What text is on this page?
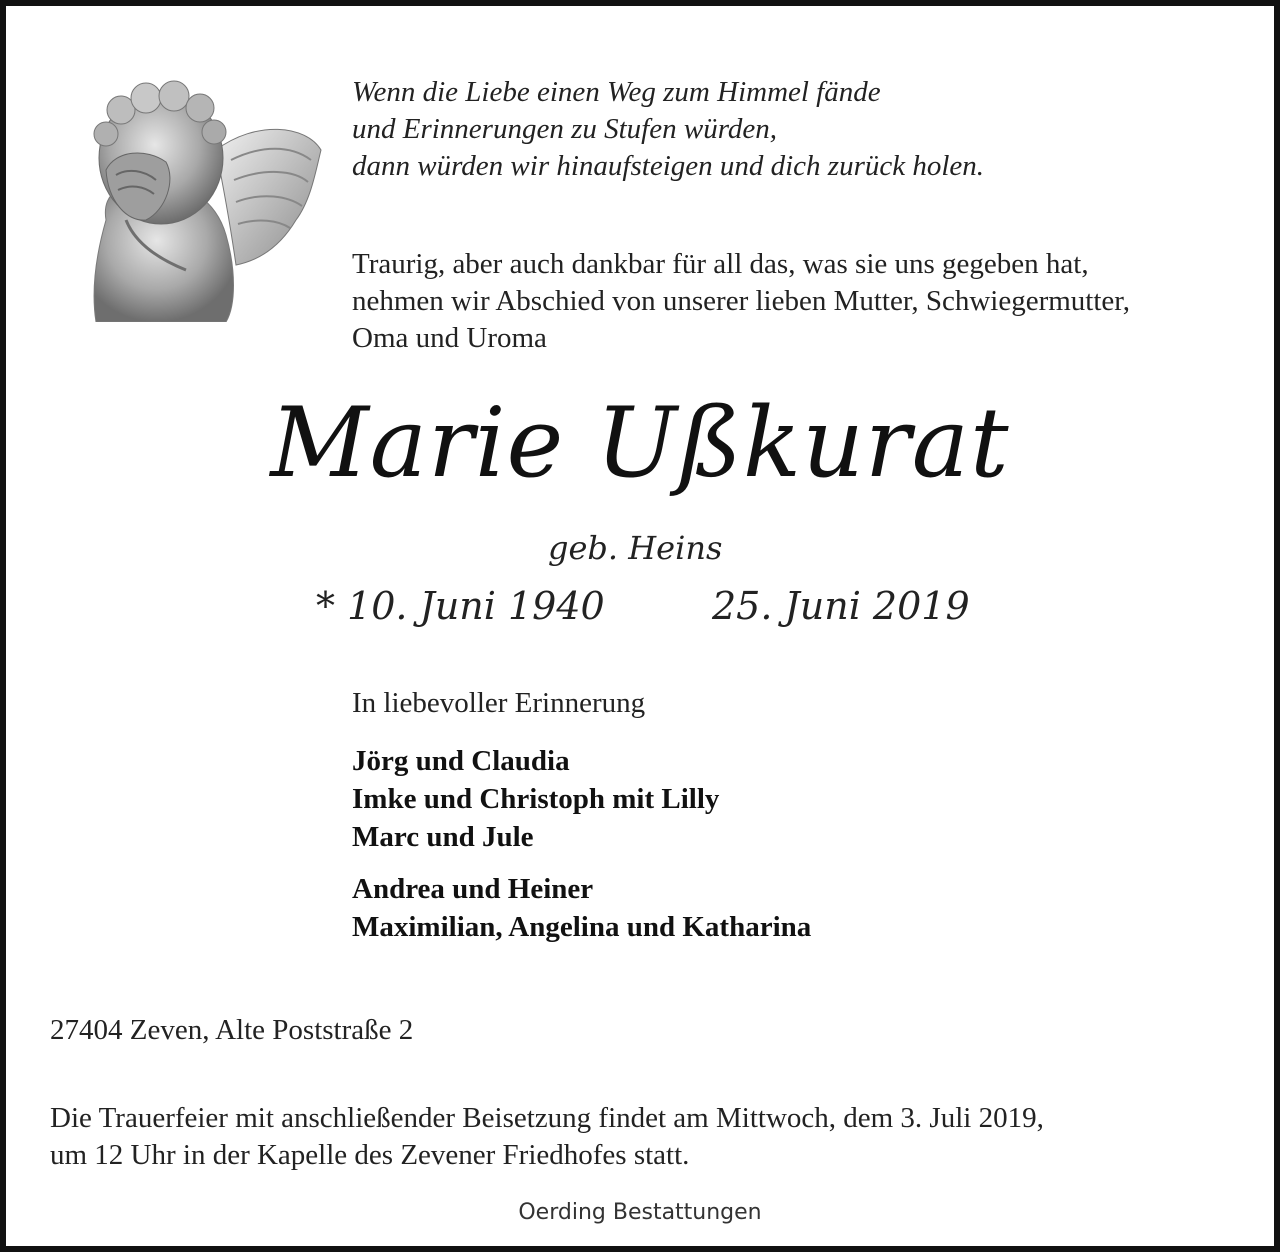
Wenn die Liebe einen Weg zum Himmel fände
und Erinnerungen zu Stufen würden,
dann würden wir hinaufsteigen und dich zurück holen.
Traurig, aber auch dankbar für all das, was sie uns gegeben hat,
nehmen wir Abschied von unserer lieben Mutter, Schwiegermutter,
Oma und Uroma
Marie Ußkurat
geb. Heins
* 10. Juni 1940	25. Juni 2019
In liebevoller Erinnerung
Jörg und Claudia
Imke und Christoph mit Lilly
Marc und Jule
Andrea und Heiner
Maximilian, Angelina und Katharina
27404 Zeven, Alte Poststraße 2
Die Trauerfeier mit anschließender Beisetzung findet am Mittwoch, dem 3. Juli 2019,
um 12 Uhr in der Kapelle des Zevener Friedhofes statt.
Oerding Bestattungen
